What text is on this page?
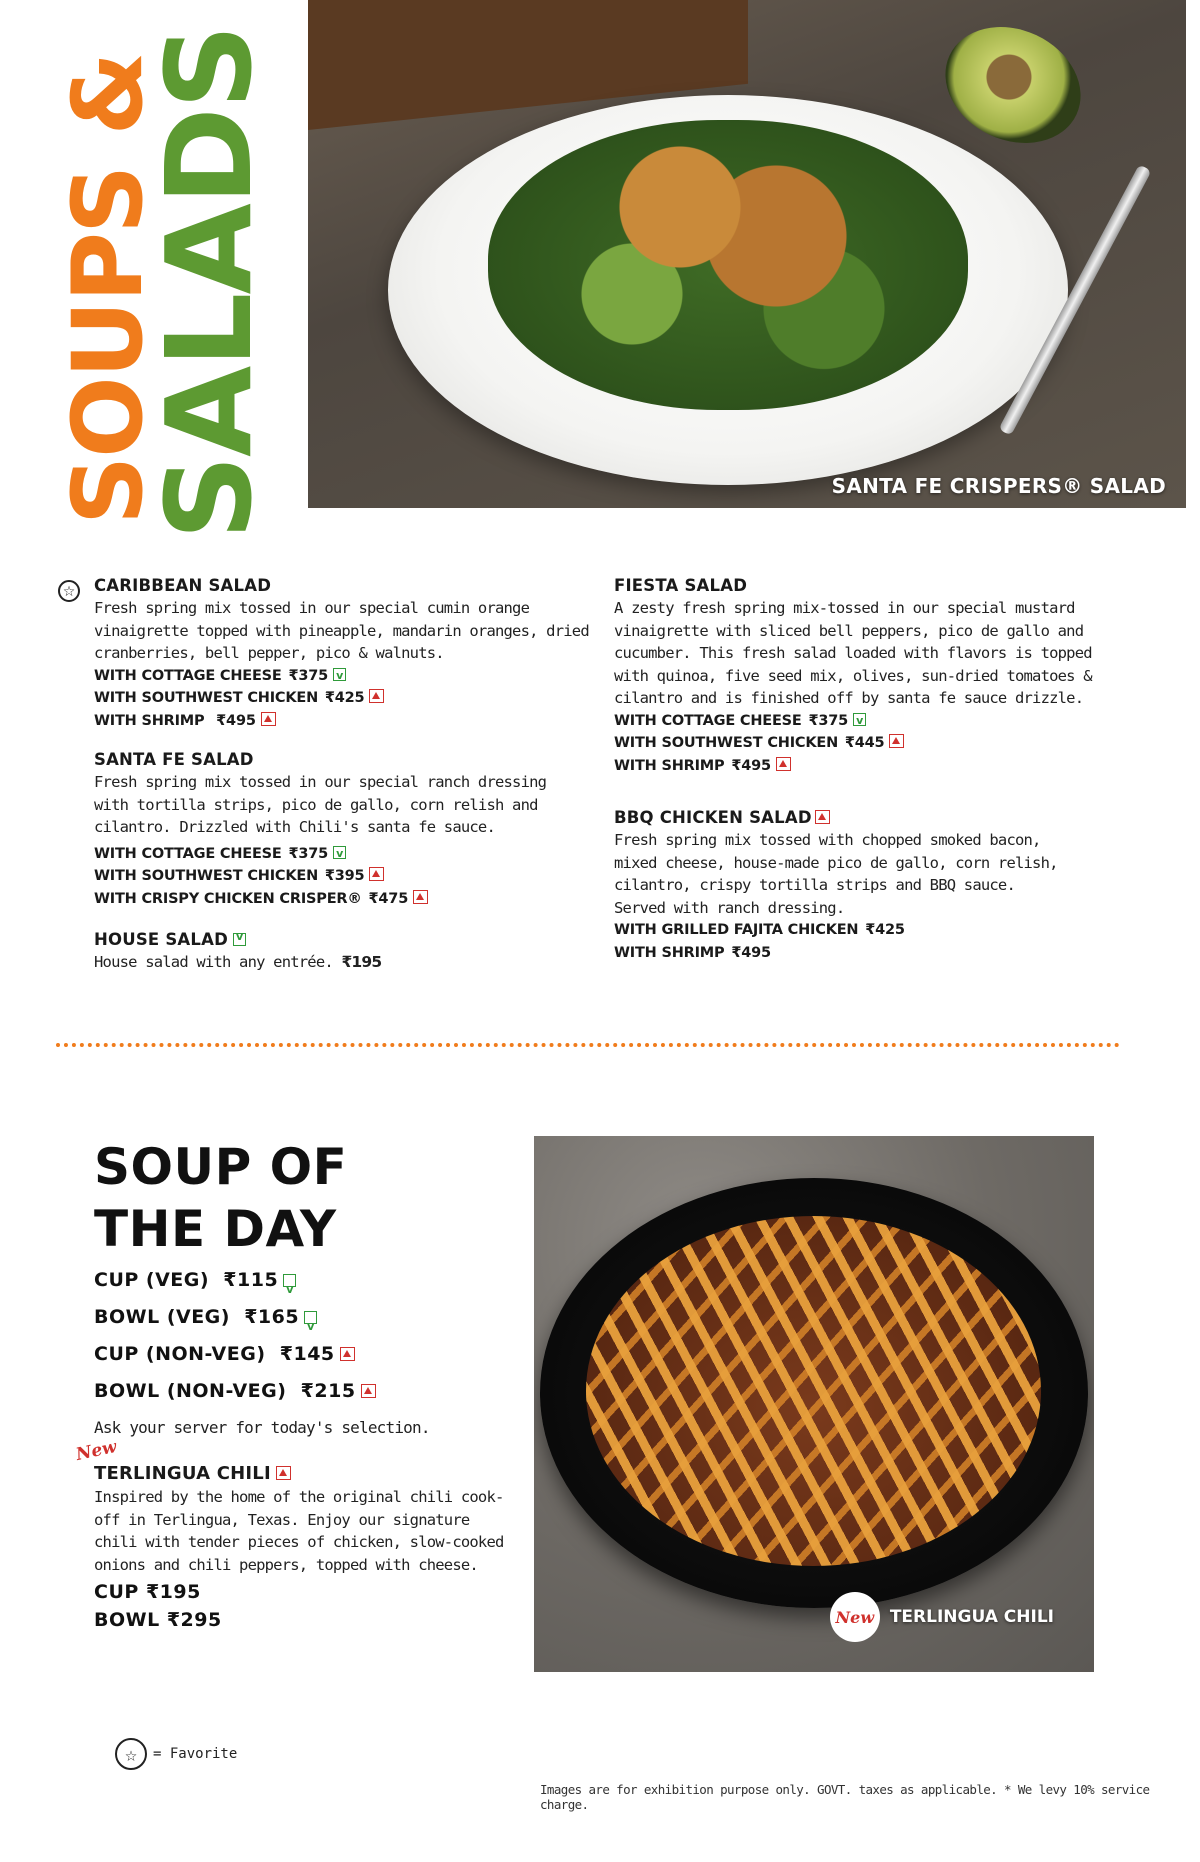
SOUPS &
SALADS	SANTA FE CRISPERS® SALAD
☆ CARIBBEAN SALAD
Fresh spring mix tossed in our special cumin orange vinaigrette topped with pineapple, mandarin oranges, dried cranberries, bell pepper, pico & walnuts.
WITH COTTAGE CHEESE ₹375v
WITH SOUTHWEST CHICKEN ₹425
WITH SHRIMP ₹495
SANTA FE SALAD
Fresh spring mix tossed in our special ranch dressing with tortilla strips, pico de gallo, corn relish and cilantro. Drizzled with Chili's santa fe sauce.
WITH COTTAGE CHEESE ₹375v
WITH SOUTHWEST CHICKEN ₹395
WITH CRISPY CHICKEN CRISPER® ₹475
HOUSE SALADv
House salad with any entrée. ₹195
FIESTA SALAD
A zesty fresh spring mix-tossed in our special mustard vinaigrette with sliced bell peppers, pico de gallo and cucumber. This fresh salad loaded with flavors is topped with quinoa, five seed mix, olives, sun-dried tomatoes & cilantro and is finished off by santa fe sauce drizzle.
WITH COTTAGE CHEESE ₹375v
WITH SOUTHWEST CHICKEN ₹445
WITH SHRIMP ₹495
BBQ CHICKEN SALAD
Fresh spring mix tossed with chopped smoked bacon, mixed cheese, house-made pico de gallo, corn relish, cilantro, crispy tortilla strips and BBQ sauce. Served with ranch dressing.
WITH GRILLED FAJITA CHICKEN ₹425
WITH SHRIMP ₹495
SOUP OF
THE DAY
CUP (VEG) ₹115v
BOWL (VEG) ₹165v
CUP (NON-VEG) ₹145
BOWL (NON-VEG) ₹215
Ask your server for today's selection.
New
TERLINGUA CHILI
Inspired by the home of the original chili cook-off in Terlingua, Texas. Enjoy our signature chili with tender pieces of chicken, slow-cooked onions and chili peppers, topped with cheese.
CUP ₹195
BOWL ₹295	New TERLINGUA CHILI
☆	= Favorite
Images are for exhibition purpose only. GOVT. taxes as applicable. * We levy 10% service charge.
